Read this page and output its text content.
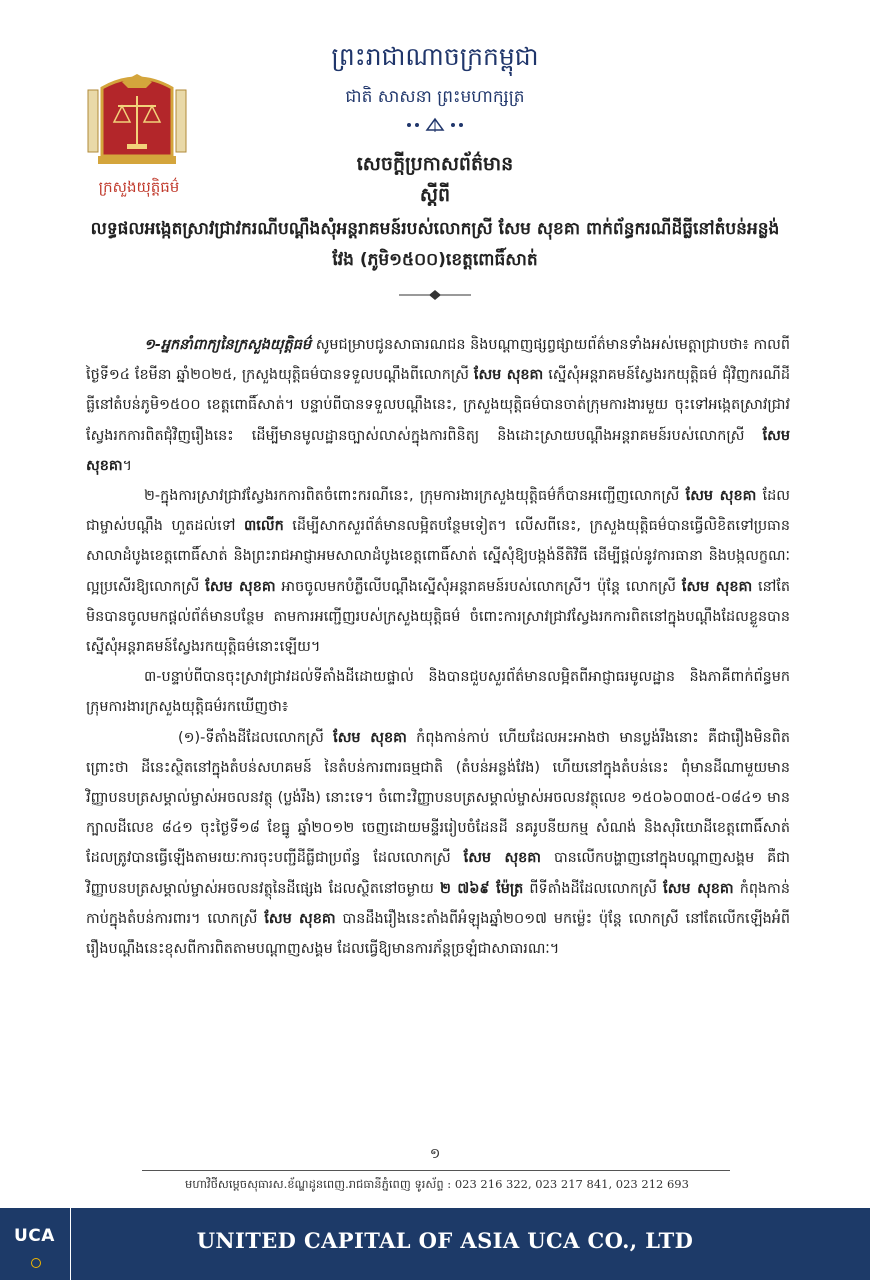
ក្រសួងយុត្តិធម៌
ព្រះរាជាណាចក្រកម្ពុជា
ជាតិ សាសនា ព្រះមហាក្សត្រ
សេចក្តីប្រកាសព័ត៌មាន
ស្តីពី
លទ្ធផលអង្កេតស្រាវជ្រាវករណីបណ្តឹងសុំអន្តរាគមន៍របស់លោកស្រី សែម សុខគា ពាក់ព័ន្ធករណីដីធ្លីនៅតំបន់អន្លង់វែង (ភូមិ១៥០០)ខេត្តពោធិ៍សាត់

១-អ្នកនាំពាក្យនៃក្រសួងយុត្តិធម៌ សូមជម្រាបជូនសាធារណជន និងបណ្តាញផ្សព្វផ្សាយព័ត៌មានទាំងអស់មេត្តាជ្រាបថា៖ កាលពីថ្ងៃទី១៤ ខែមីនា ឆ្នាំ២០២៥, ក្រសួងយុត្តិធម៌បានទទួលបណ្តឹងពីលោកស្រី សែម សុខគា ស្នើសុំអន្តរាគមន៍ស្វែងរកយុត្តិធម៌ ជុំវិញករណីដីធ្លីនៅតំបន់ភូមិ១៥០០ ខេត្តពោធិ៍សាត់។ បន្ទាប់ពីបានទទួលបណ្តឹងនេះ, ក្រសួងយុត្តិធម៌បានចាត់ក្រុមការងារមួយ ចុះទៅអង្កេតស្រាវជ្រាវស្វែងរកការពិតជុំវិញរឿងនេះ ដើម្បីមានមូលដ្ឋានច្បាស់លាស់ក្នុងការពិនិត្យ និងដោះស្រាយបណ្តឹងអន្តរាគមន៍របស់លោកស្រី សែម សុខគា។

២-ក្នុងការស្រាវជ្រាវស្វែងរកការពិតចំពោះករណីនេះ, ក្រុមការងារក្រសួងយុត្តិធម៌ក៏បានអញ្ជើញលោកស្រី សែម សុខគា ដែលជាម្ចាស់បណ្តឹង ហួតដល់ទៅ ៣លើក ដើម្បីសាកសួរព័ត៌មានលម្អិតបន្ថែមទៀត។ លើសពីនេះ, ក្រសួងយុត្តិធម៌បានធ្វើលិខិតទៅប្រធានសាលាដំបូងខេត្តពោធិ៍សាត់ និងព្រះរាជអាជ្ញាអមសាលាដំបូងខេត្តពោធិ៍សាត់ ស្នើសុំឱ្យបង្កង់នីតិវិធី ដើម្បីផ្តល់នូវការធានា និងបង្កលក្ខណៈល្អប្រសើរឱ្យលោកស្រី សែម សុខគា អាចចូលមកបំភ្លឺលើបណ្តឹងស្នើសុំអន្តរាគមន៍របស់លោកស្រី។ ប៉ុន្តែ លោកស្រី សែម សុខគា នៅតែមិនបានចូលមកផ្តល់ព័ត៌មានបន្ថែម តាមការអញ្ជើញរបស់ក្រសួងយុត្តិធម៌ ចំពោះការស្រាវជ្រាវស្វែងរកការពិតនៅក្នុងបណ្តឹងដែលខ្លួនបានស្នើសុំអន្តរាគមន៍ស្វែងរកយុត្តិធម៌នោះឡើយ។

៣-បន្ទាប់ពីបានចុះស្រាវជ្រាវដល់ទីតាំងដីដោយផ្ទាល់ និងបានជួបសួរព័ត៌មានលម្អិតពីអាជ្ញាធរមូលដ្ឋាន និងភាគីពាក់ព័ន្ធមក ក្រុមការងារក្រសួងយុត្តិធម៌រកឃើញថា៖

(១)-ទីតាំងដីដែលលោកស្រី សែម សុខគា កំពុងកាន់កាប់ ហើយដែលអះអាងថា មានប្លង់រឹងនោះ គឺជារឿងមិនពិត ព្រោះថា ដីនេះស្ថិតនៅក្នុងតំបន់សហគមន៍ នៃតំបន់ការពារធម្មជាតិ (តំបន់អន្លង់វែង) ហើយនៅក្នុងតំបន់នេះ ពុំមានដីណាមួយមានវិញ្ញាបនបត្រសម្គាល់ម្ចាស់អចលនវត្ថុ (ប្លង់រឹង) នោះទេ។ ចំពោះវិញ្ញាបនបត្រសម្គាល់ម្ចាស់អចលនវត្ថុលេខ ១៥០៦០៣០៥-០៨៤១ មានក្បាលដីលេខ ៨៤១ ចុះថ្ងៃទី១៨ ខែធ្នូ ឆ្នាំ២០១២ ចេញដោយមន្ទីររៀបចំដែនដី នគរូបនីយកម្ម សំណង់ និងសុរិយោដីខេត្តពោធិ៍សាត់ ដែលត្រូវបានធ្វើឡើងតាមរយៈការចុះបញ្ជីដីធ្លីជាប្រព័ន្ធ ដែលលោកស្រី សែម សុខគា បានលើកបង្ហាញនៅក្នុងបណ្តាញសង្គម គឺជាវិញ្ញាបនបត្រសម្គាល់ម្ចាស់អចលនវត្ថុនៃដីផ្សេង ដែលស្ថិតនៅចម្ងាយ ២ ៧៦៩ ម៉ែត្រ ពីទីតាំងដីដែលលោកស្រី សែម សុខគា កំពុងកាន់កាប់ក្នុងតំបន់ការពារ។ លោកស្រី សែម សុខគា បានដឹងរឿងនេះតាំងពីអំឡុងឆ្នាំ២០១៧ មកម្ល៉េះ ប៉ុន្តែ លោកស្រី នៅតែលើកឡើងអំពីរឿងបណ្តឹងនេះខុសពីការពិតតាមបណ្តាញសង្គម ដែលធ្វើឱ្យមានការភ័ន្តច្រឡំជាសាធារណៈ។

១
មហាវិថីសម្តេចសុធារស.ខ័ណ្ឌដូនពេញ.រាជធានីភ្នំពេញ ទូរស័ព្ទ : 023 216 322, 023 217 841, 023 212 693
UCA	UNITED CAPITAL OF ASIA UCA CO., LTD
